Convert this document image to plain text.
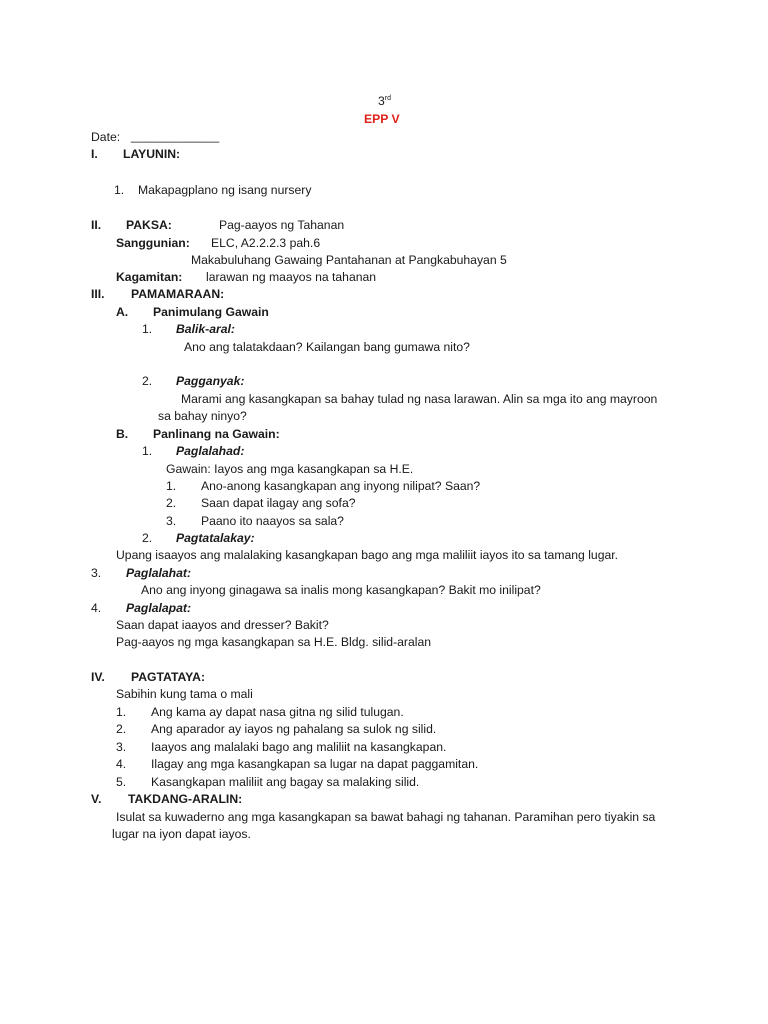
3rd
EPP V
Date: _____________
I. LAYUNIN:
1. Makapagplano ng isang nursery
II. PAKSA:	Pag-aayos ng Tahanan
Sanggunian: ELC, A2.2.2.3 pah.6
Makabuluhang Gawaing Pantahanan at Pangkabuhayan 5
Kagamitan: larawan ng maayos na tahanan
III. PAMAMARAAN:
A. Panimulang Gawain
1. Balik-aral:
Ano ang talatakdaan? Kailangan bang gumawa nito?
2. Pagganyak:
Marami ang kasangkapan sa bahay tulad ng nasa larawan. Alin sa mga ito ang mayroon
sa bahay ninyo?
B. Panlinang na Gawain:
1. Paglalahad:
Gawain: Iayos ang mga kasangkapan sa H.E.
1. Ano-anong kasangkapan ang inyong nilipat? Saan?
2. Saan dapat ilagay ang sofa?
3. Paano ito naayos sa sala?
2. Pagtatalakay:
Upang isaayos ang malalaking kasangkapan bago ang mga maliliit iayos ito sa tamang lugar.
3. Paglalahat:
Ano ang inyong ginagawa sa inalis mong kasangkapan? Bakit mo inilipat?
4. Paglalapat:
Saan dapat iaayos and dresser? Bakit?
Pag-aayos ng mga kasangkapan sa H.E. Bldg. silid-aralan
IV. PAGTATAYA:
Sabihin kung tama o mali
1. Ang kama ay dapat nasa gitna ng silid tulugan.
2. Ang aparador ay iayos ng pahalang sa sulok ng silid.
3. Iaayos ang malalaki bago ang maliliit na kasangkapan.
4. Ilagay ang mga kasangkapan sa lugar na dapat paggamitan.
5. Kasangkapan maliliit ang bagay sa malaking silid.
V. TAKDANG-ARALIN:
Isulat sa kuwaderno ang mga kasangkapan sa bawat bahagi ng tahanan. Paramihan pero tiyakin sa
lugar na iyon dapat iayos.
